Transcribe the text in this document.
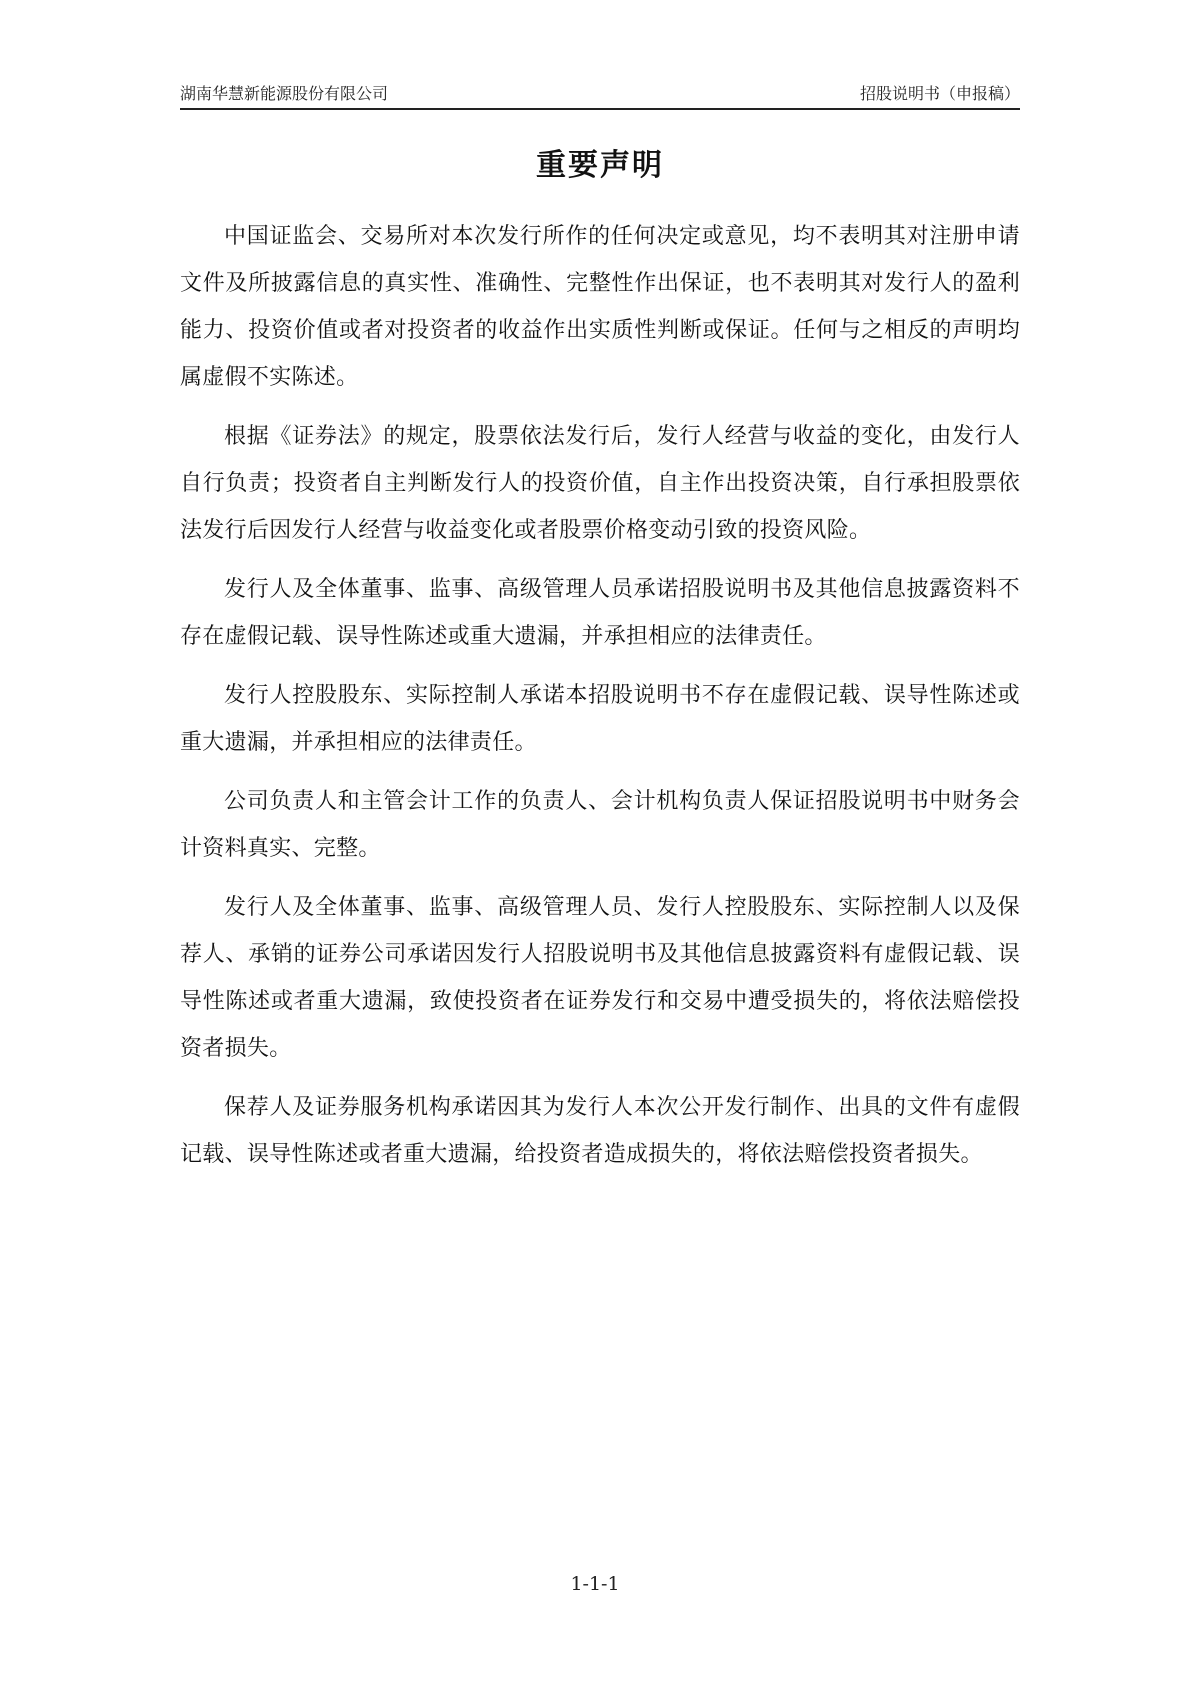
湖南华慧新能源股份有限公司	招股说明书（申报稿）
重要声明

中国证监会、交易所对本次发行所作的任何决定或意见，均不表明其对注册申请文件及所披露信息的真实性、准确性、完整性作出保证，也不表明其对发行人的盈利能力、投资价值或者对投资者的收益作出实质性判断或保证。任何与之相反的声明均属虚假不实陈述。

根据《证券法》的规定，股票依法发行后，发行人经营与收益的变化，由发行人自行负责；投资者自主判断发行人的投资价值，自主作出投资决策，自行承担股票依法发行后因发行人经营与收益变化或者股票价格变动引致的投资风险。

发行人及全体董事、监事、高级管理人员承诺招股说明书及其他信息披露资料不存在虚假记载、误导性陈述或重大遗漏，并承担相应的法律责任。

发行人控股股东、实际控制人承诺本招股说明书不存在虚假记载、误导性陈述或重大遗漏，并承担相应的法律责任。

公司负责人和主管会计工作的负责人、会计机构负责人保证招股说明书中财务会计资料真实、完整。

发行人及全体董事、监事、高级管理人员、发行人控股股东、实际控制人以及保荐人、承销的证券公司承诺因发行人招股说明书及其他信息披露资料有虚假记载、误导性陈述或者重大遗漏，致使投资者在证券发行和交易中遭受损失的，将依法赔偿投资者损失。

保荐人及证券服务机构承诺因其为发行人本次公开发行制作、出具的文件有虚假记载、误导性陈述或者重大遗漏，给投资者造成损失的，将依法赔偿投资者损失。

1-1-1
